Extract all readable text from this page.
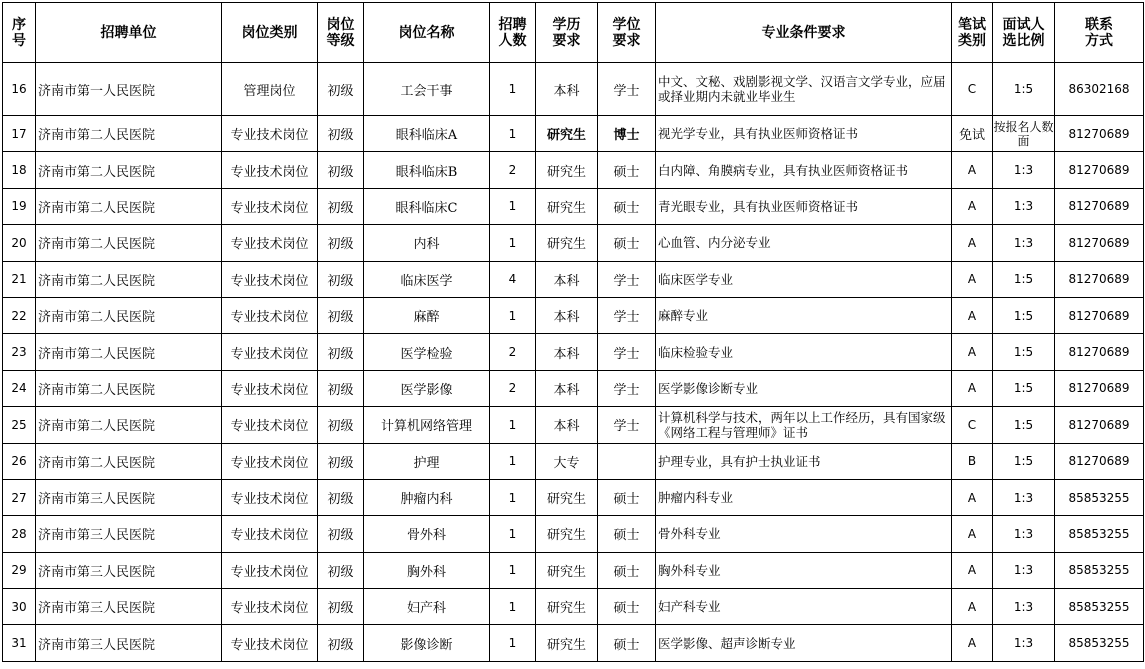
序号	招聘单位	岗位类别	岗位等级	岗位名称	招聘人数	学历要求	学位要求	专业条件要求	笔试类别	面试人选比例	联系方式
16	济南市第一人民医院	管理岗位	初级	工会干事	1	本科	学士	中文、文秘、戏剧影视文学、汉语言文学专业，应届或择业期内未就业毕业生	C	1:5	86302168
17	济南市第二人民医院	专业技术岗位	初级	眼科临床A	1	研究生	博士	视光学专业，具有执业医师资格证书	免试	按报名人数面	81270689
18	济南市第二人民医院	专业技术岗位	初级	眼科临床B	2	研究生	硕士	白内障、角膜病专业，具有执业医师资格证书	A	1:3	81270689
19	济南市第二人民医院	专业技术岗位	初级	眼科临床C	1	研究生	硕士	青光眼专业，具有执业医师资格证书	A	1:3	81270689
20	济南市第二人民医院	专业技术岗位	初级	内科	1	研究生	硕士	心血管、内分泌专业	A	1:3	81270689
21	济南市第二人民医院	专业技术岗位	初级	临床医学	4	本科	学士	临床医学专业	A	1:5	81270689
22	济南市第二人民医院	专业技术岗位	初级	麻醉	1	本科	学士	麻醉专业	A	1:5	81270689
23	济南市第二人民医院	专业技术岗位	初级	医学检验	2	本科	学士	临床检验专业	A	1:5	81270689
24	济南市第二人民医院	专业技术岗位	初级	医学影像	2	本科	学士	医学影像诊断专业	A	1:5	81270689
25	济南市第二人民医院	专业技术岗位	初级	计算机网络管理	1	本科	学士	计算机科学与技术，两年以上工作经历，具有国家级《网络工程与管理师》证书	C	1:5	81270689
26	济南市第二人民医院	专业技术岗位	初级	护理	1	大专		护理专业，具有护士执业证书	B	1:5	81270689
27	济南市第三人民医院	专业技术岗位	初级	肿瘤内科	1	研究生	硕士	肿瘤内科专业	A	1:3	85853255
28	济南市第三人民医院	专业技术岗位	初级	骨外科	1	研究生	硕士	骨外科专业	A	1:3	85853255
29	济南市第三人民医院	专业技术岗位	初级	胸外科	1	研究生	硕士	胸外科专业	A	1:3	85853255
30	济南市第三人民医院	专业技术岗位	初级	妇产科	1	研究生	硕士	妇产科专业	A	1:3	85853255
31	济南市第三人民医院	专业技术岗位	初级	影像诊断	1	研究生	硕士	医学影像、超声诊断专业	A	1:3	85853255
